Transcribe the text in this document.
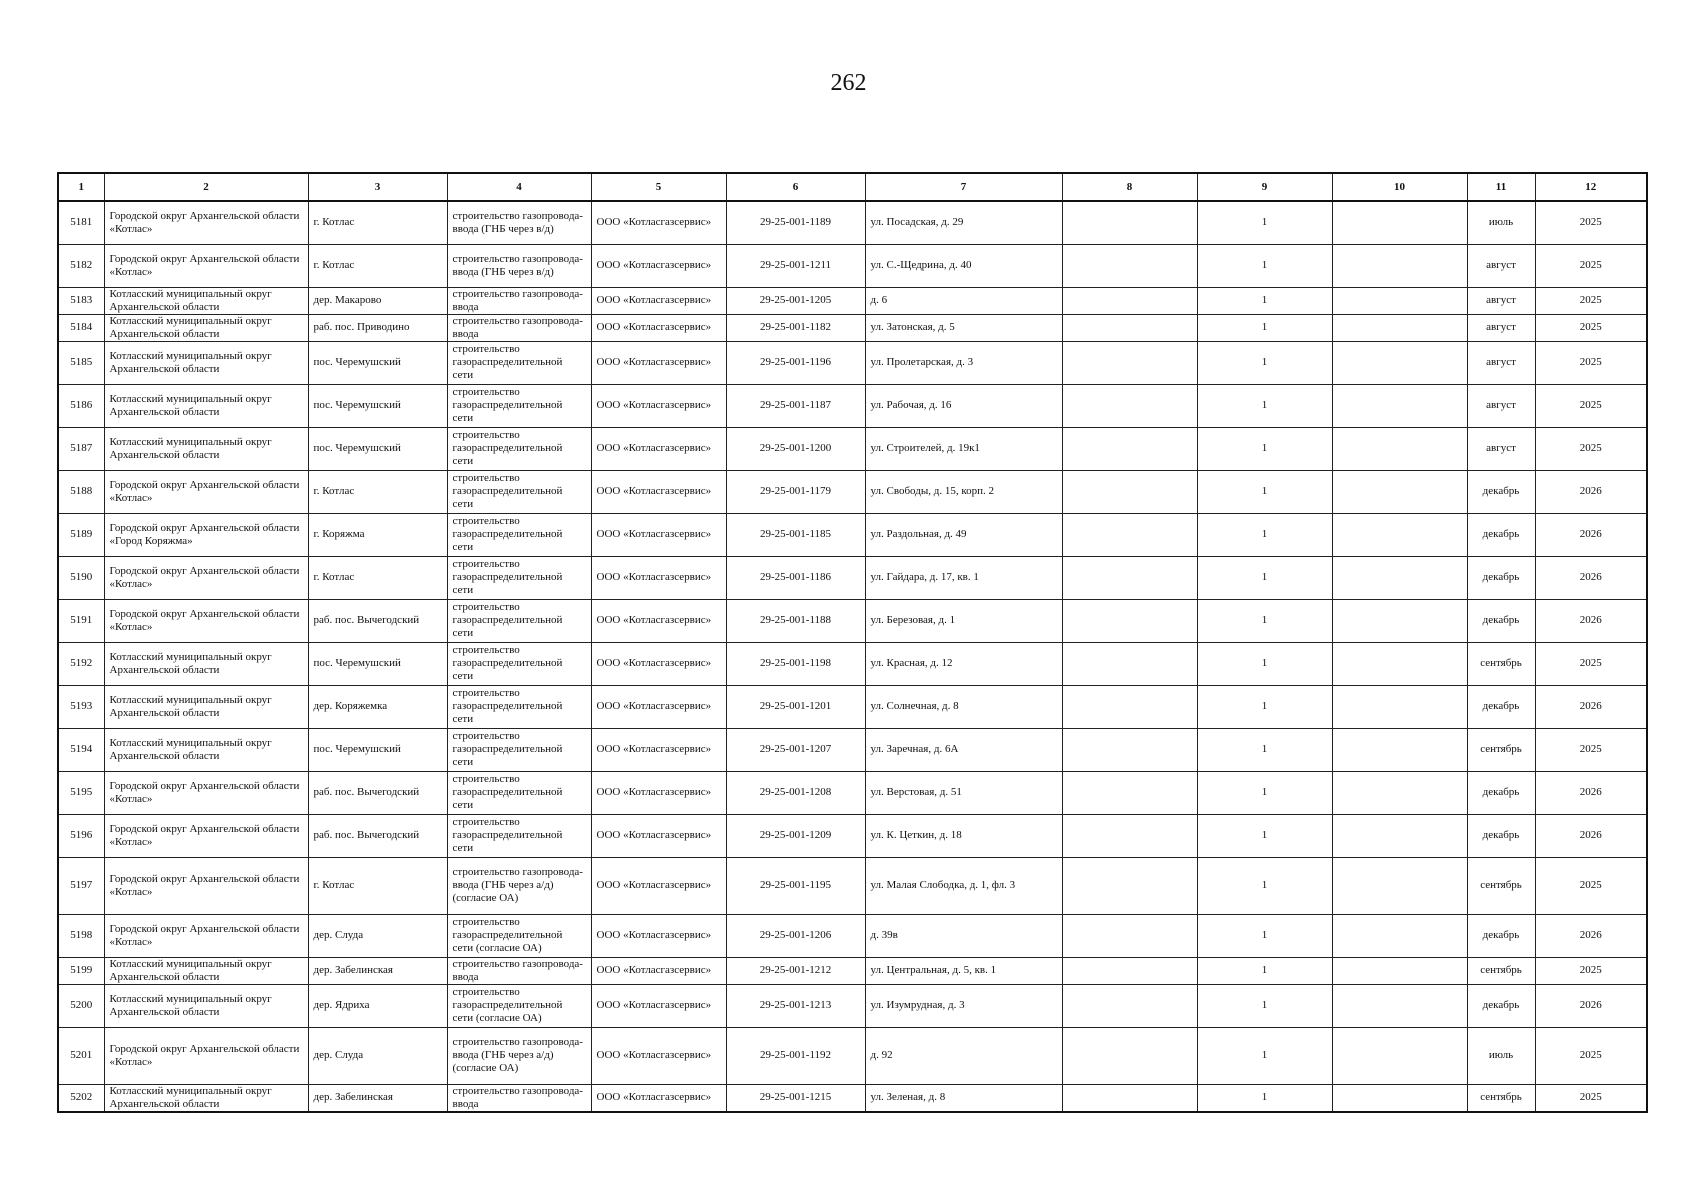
262
1	2	3	4	5	6	7	8	9	10	11	12
5181	Городской округ Архангельской области «Котлас»	г. Котлас	строительство газопровода-ввода (ГНБ через в/д)	ООО «Котласгазсервис»	29-25-001-1189	ул. Посадская, д. 29		1		июль	2025
5182	Городской округ Архангельской области «Котлас»	г. Котлас	строительство газопровода-ввода (ГНБ через в/д)	ООО «Котласгазсервис»	29-25-001-1211	ул. С.-Щедрина, д. 40		1		август	2025
5183	Котласский муниципальный округ Архангельской области	дер. Макарово	строительство газопровода-ввода	ООО «Котласгазсервис»	29-25-001-1205	д. 6		1		август	2025
5184	Котласский муниципальный округ Архангельской области	раб. пос. Приводино	строительство газопровода-ввода	ООО «Котласгазсервис»	29-25-001-1182	ул. Затонская, д. 5		1		август	2025
5185	Котласский муниципальный округ Архангельской области	пос. Черемушский	строительство газораспределительной сети	ООО «Котласгазсервис»	29-25-001-1196	ул. Пролетарская, д. 3		1		август	2025
5186	Котласский муниципальный округ Архангельской области	пос. Черемушский	строительство газораспределительной сети	ООО «Котласгазсервис»	29-25-001-1187	ул. Рабочая, д. 16		1		август	2025
5187	Котласский муниципальный округ Архангельской области	пос. Черемушский	строительство газораспределительной сети	ООО «Котласгазсервис»	29-25-001-1200	ул. Строителей, д. 19к1		1		август	2025
5188	Городской округ Архангельской области «Котлас»	г. Котлас	строительство газораспределительной сети	ООО «Котласгазсервис»	29-25-001-1179	ул. Свободы, д. 15, корп. 2		1		декабрь	2026
5189	Городской округ Архангельской области «Город Коряжма»	г. Коряжма	строительство газораспределительной сети	ООО «Котласгазсервис»	29-25-001-1185	ул. Раздольная, д. 49		1		декабрь	2026
5190	Городской округ Архангельской области «Котлас»	г. Котлас	строительство газораспределительной сети	ООО «Котласгазсервис»	29-25-001-1186	ул. Гайдара, д. 17, кв. 1		1		декабрь	2026
5191	Городской округ Архангельской области «Котлас»	раб. пос. Вычегодский	строительство газораспределительной сети	ООО «Котласгазсервис»	29-25-001-1188	ул. Березовая, д. 1		1		декабрь	2026
5192	Котласский муниципальный округ Архангельской области	пос. Черемушский	строительство газораспределительной сети	ООО «Котласгазсервис»	29-25-001-1198	ул. Красная, д. 12		1		сентябрь	2025
5193	Котласский муниципальный округ Архангельской области	дер. Коряжемка	строительство газораспределительной сети	ООО «Котласгазсервис»	29-25-001-1201	ул. Солнечная, д. 8		1		декабрь	2026
5194	Котласский муниципальный округ Архангельской области	пос. Черемушский	строительство газораспределительной сети	ООО «Котласгазсервис»	29-25-001-1207	ул. Заречная, д. 6А		1		сентябрь	2025
5195	Городской округ Архангельской области «Котлас»	раб. пос. Вычегодский	строительство газораспределительной сети	ООО «Котласгазсервис»	29-25-001-1208	ул. Верстовая, д. 51		1		декабрь	2026
5196	Городской округ Архангельской области «Котлас»	раб. пос. Вычегодский	строительство газораспределительной сети	ООО «Котласгазсервис»	29-25-001-1209	ул. К. Цеткин, д. 18		1		декабрь	2026
5197	Городской округ Архангельской области «Котлас»	г. Котлас	строительство газопровода-ввода (ГНБ через а/д) (согласие ОА)	ООО «Котласгазсервис»	29-25-001-1195	ул. Малая Слободка, д. 1, фл. 3		1		сентябрь	2025
5198	Городской округ Архангельской области «Котлас»	дер. Слуда	строительство газораспределительной сети (согласие ОА)	ООО «Котласгазсервис»	29-25-001-1206	д. 39в		1		декабрь	2026
5199	Котласский муниципальный округ Архангельской области	дер. Забелинская	строительство газопровода-ввода	ООО «Котласгазсервис»	29-25-001-1212	ул. Центральная, д. 5, кв. 1		1		сентябрь	2025
5200	Котласский муниципальный округ Архангельской области	дер. Ядриха	строительство газораспределительной сети (согласие ОА)	ООО «Котласгазсервис»	29-25-001-1213	ул. Изумрудная, д. 3		1		декабрь	2026
5201	Городской округ Архангельской области «Котлас»	дер. Слуда	строительство газопровода-ввода (ГНБ через а/д) (согласие ОА)	ООО «Котласгазсервис»	29-25-001-1192	д. 92		1		июль	2025
5202	Котласский муниципальный округ Архангельской области	дер. Забелинская	строительство газопровода-ввода	ООО «Котласгазсервис»	29-25-001-1215	ул. Зеленая, д. 8		1		сентябрь	2025
